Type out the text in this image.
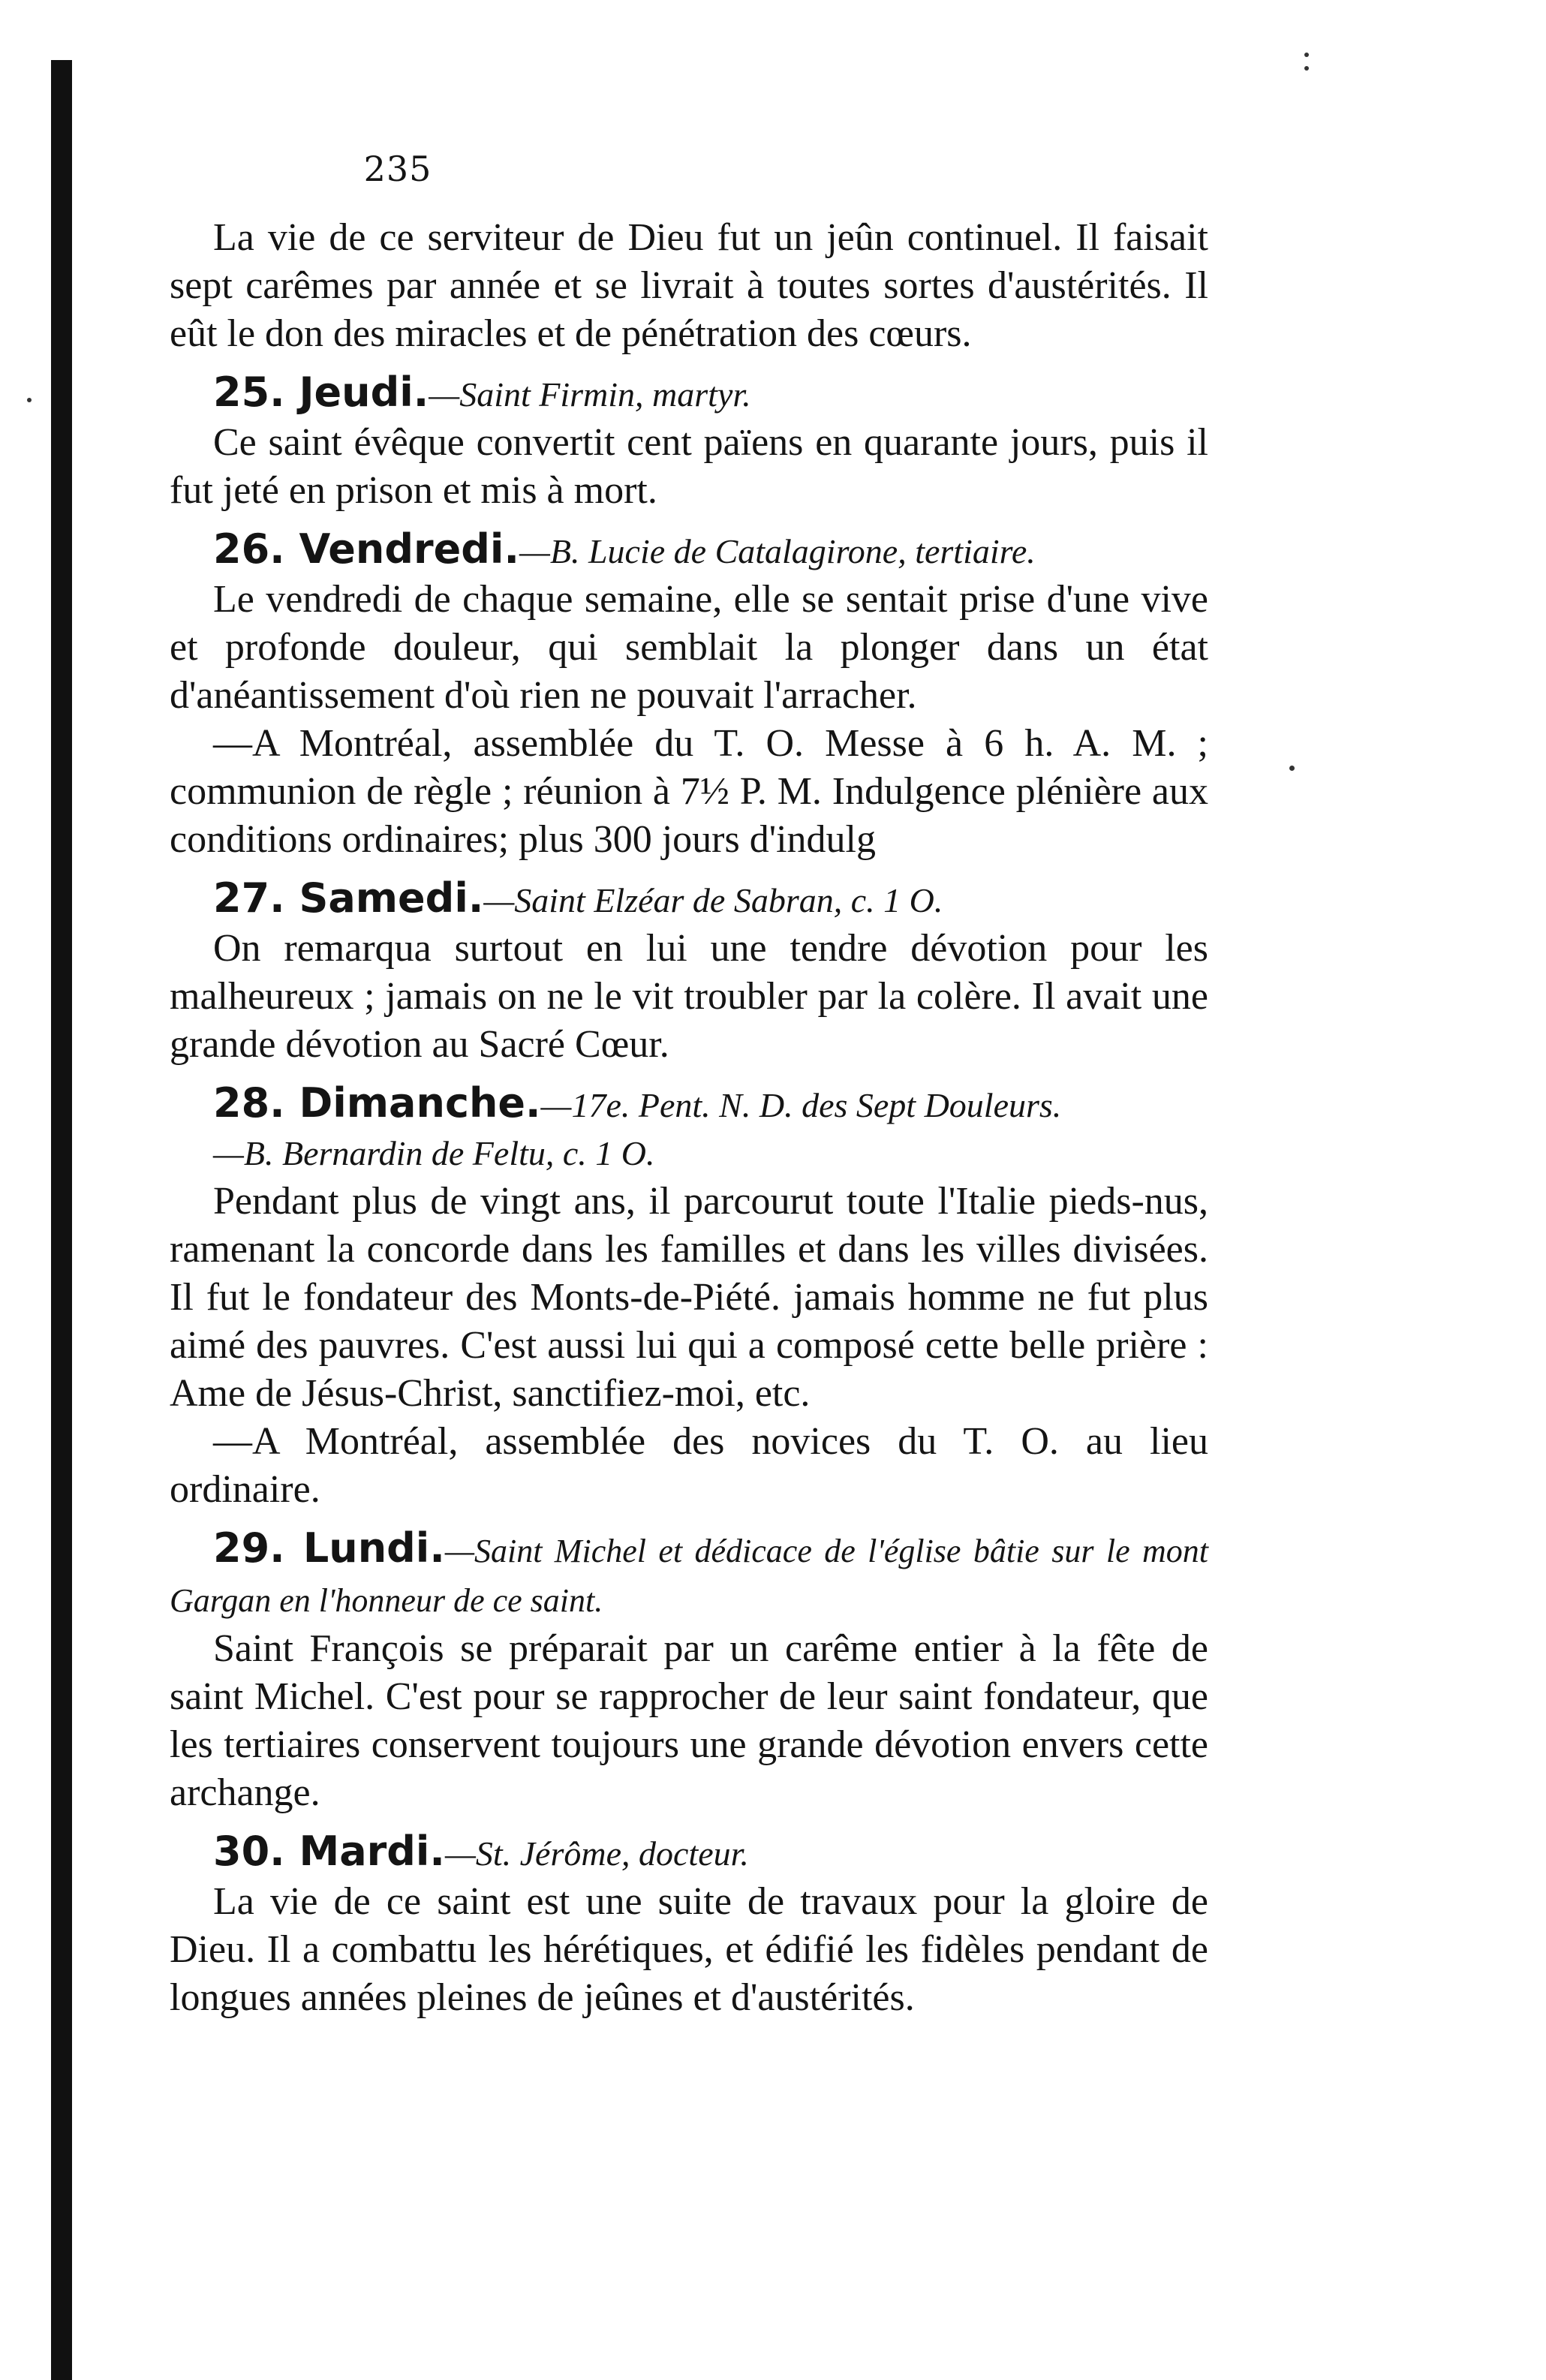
235

La vie de ce serviteur de Dieu fut un jeûn continuel. Il faisait sept carêmes par année et se livrait à toutes sortes d'austérités. Il eût le don des miracles et de pénétration des cœurs.

25. Jeudi.—Saint Firmin, martyr.

Ce saint évêque convertit cent païens en quarante jours, puis il fut jeté en prison et mis à mort.

26. Vendredi.—B. Lucie de Catalagirone, tertiaire.

Le vendredi de chaque semaine, elle se sentait prise d'une vive et profonde douleur, qui semblait la plonger dans un état d'anéantissement d'où rien ne pouvait l'arracher.

—A Montréal, assemblée du T. O. Messe à 6 h. A. M. ; communion de règle ; réunion à 7½ P. M. Indulgence plénière aux conditions ordinaires; plus 300 jours d'indulg

27. Samedi.—Saint Elzéar de Sabran, c. 1 O.

On remarqua surtout en lui une tendre dévotion pour les malheureux ; jamais on ne le vit troubler par la colère. Il avait une grande dévotion au Sacré Cœur.

28. Dimanche.—17e. Pent. N. D. des Sept Douleurs.

—B. Bernardin de Feltu, c. 1 O.

Pendant plus de vingt ans, il parcourut toute l'Italie pieds-nus, ramenant la concorde dans les familles et dans les villes divisées. Il fut le fondateur des Monts-de-Piété. jamais homme ne fut plus aimé des pauvres. C'est aussi lui qui a composé cette belle prière : Ame de Jésus-Christ, sanctifiez-moi, etc.

—A Montréal, assemblée des novices du T. O. au lieu ordinaire.

29. Lundi.—Saint Michel et dédicace de l'église bâtie sur le mont Gargan en l'honneur de ce saint.

Saint François se préparait par un carême entier à la fête de saint Michel. C'est pour se rapprocher de leur saint fondateur, que les tertiaires conservent toujours une grande dévotion envers cette archange.

30. Mardi.—St. Jérôme, docteur.

La vie de ce saint est une suite de travaux pour la gloire de Dieu. Il a combattu les hérétiques, et édifié les fidèles pendant de longues années pleines de jeûnes et d'austérités.
